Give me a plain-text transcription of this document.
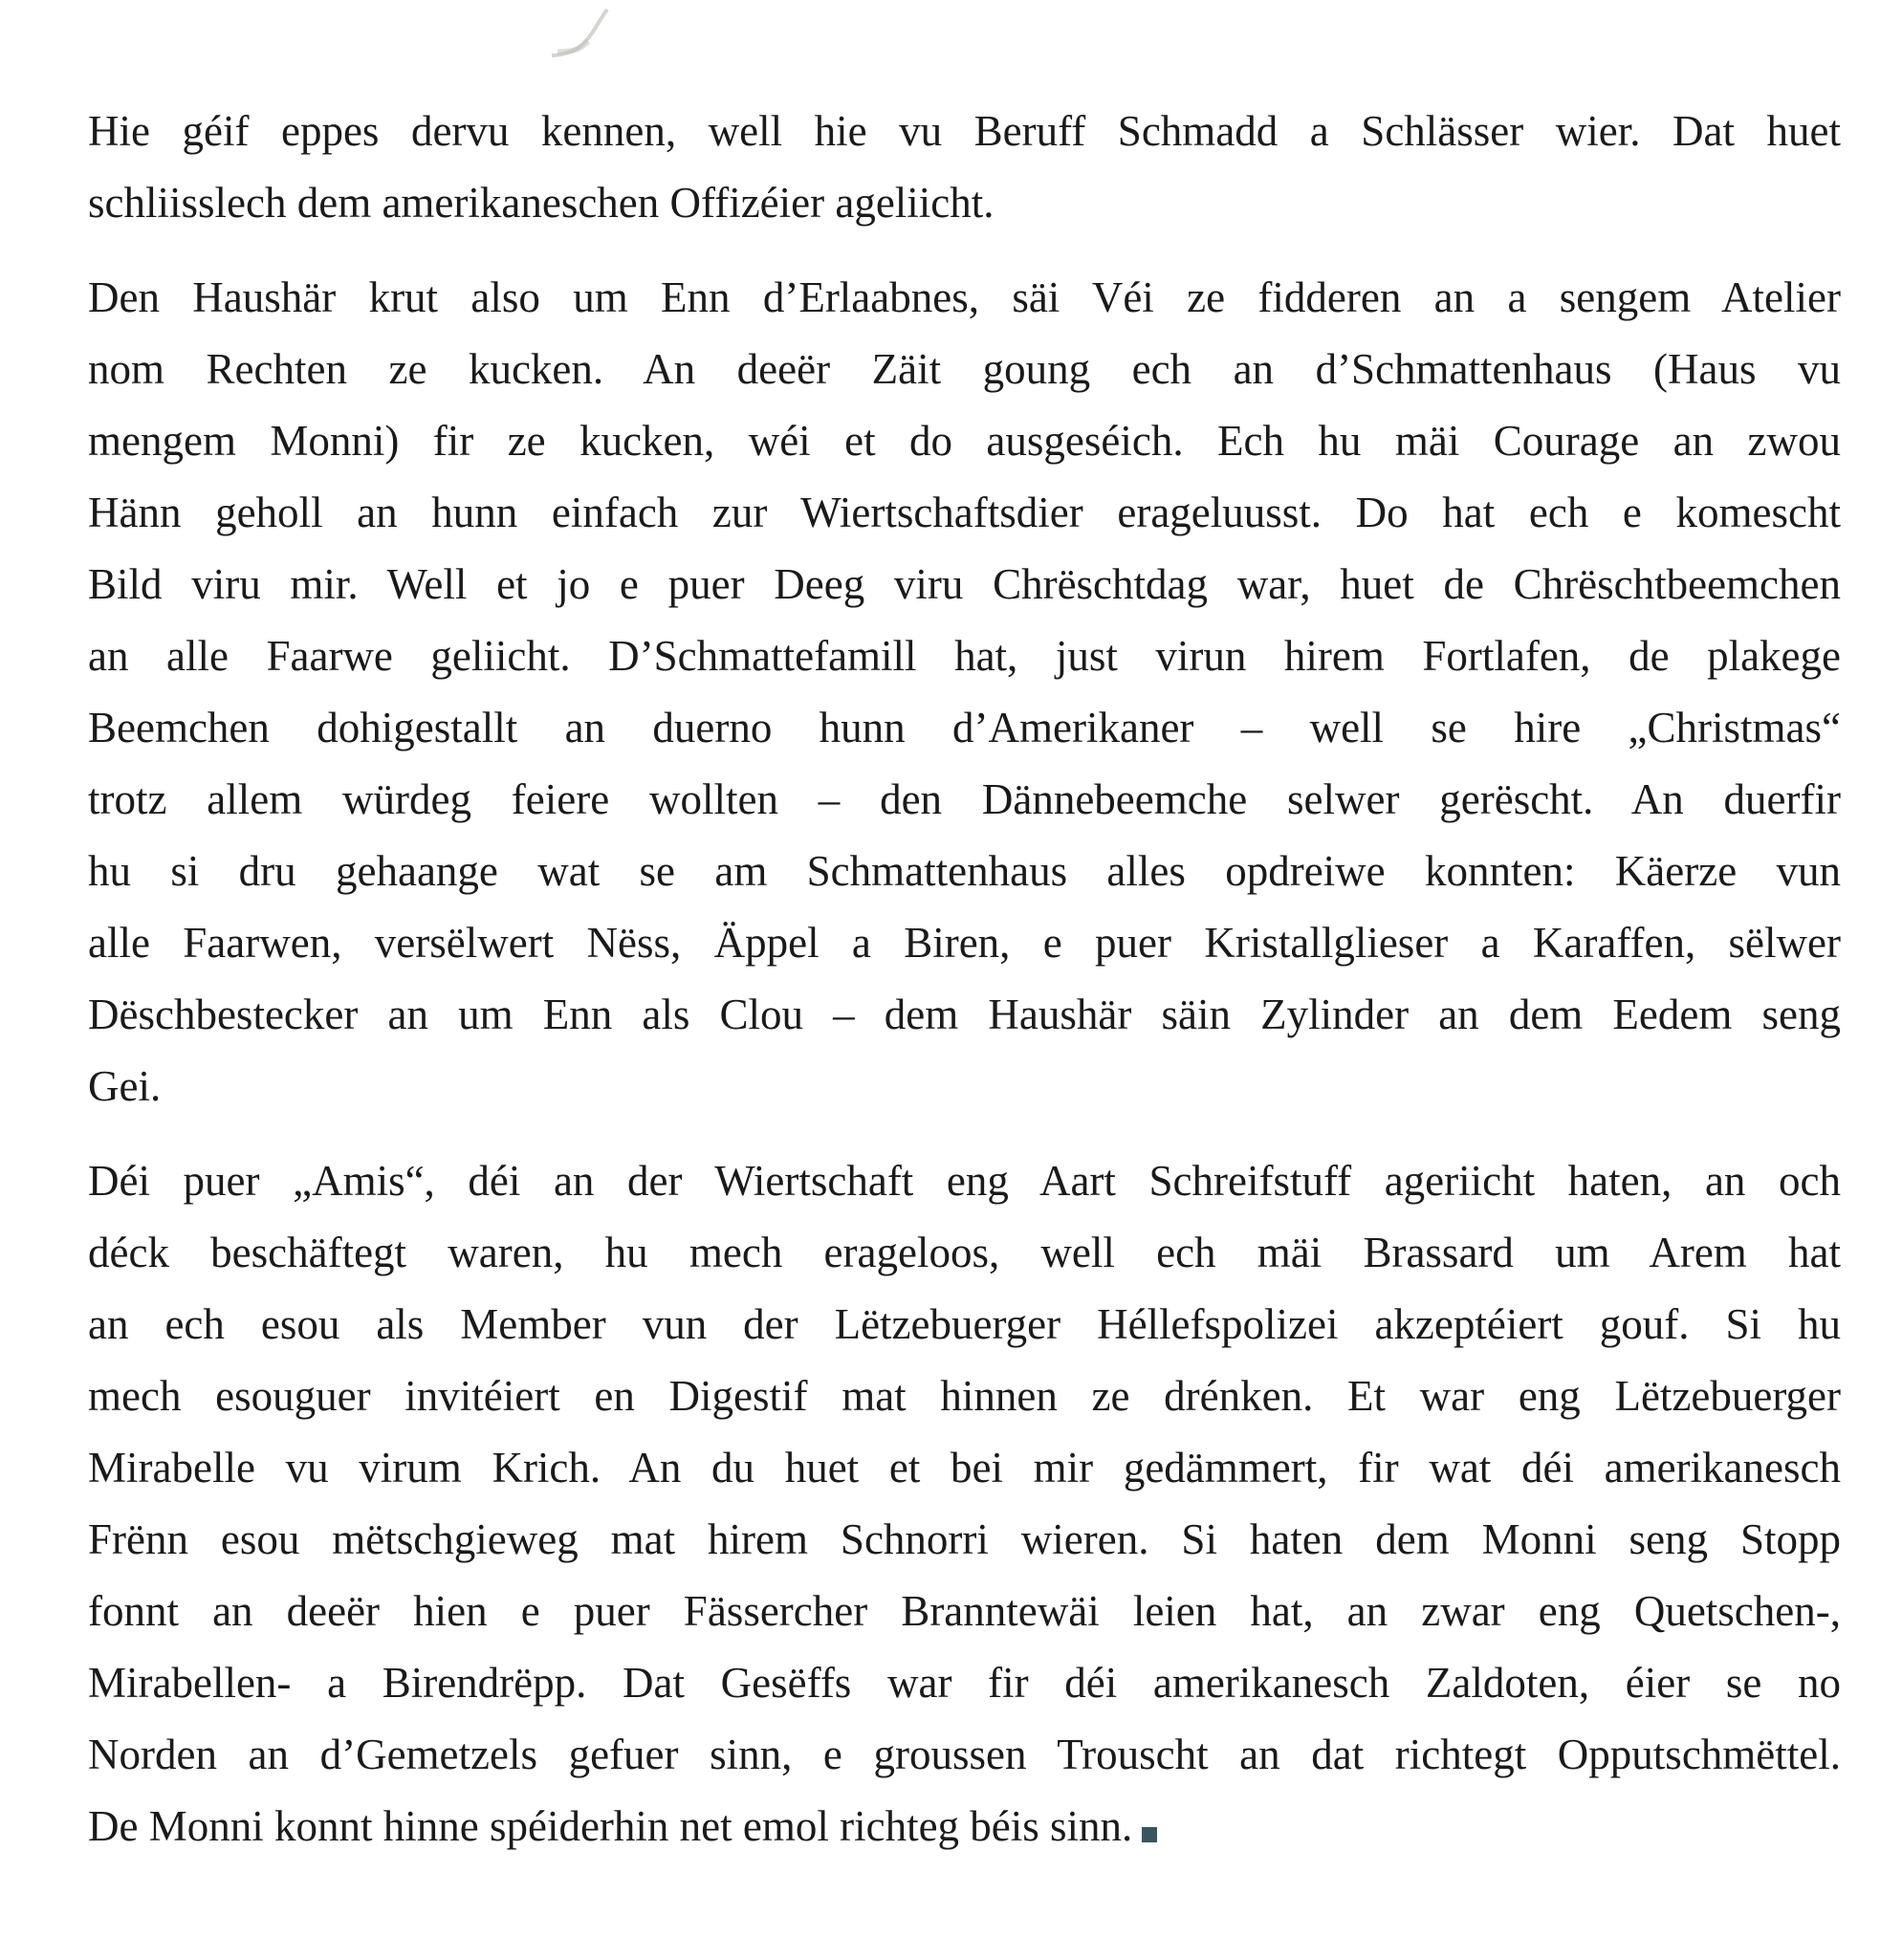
Hie géif eppes dervu kennen, well hie vu Beruff Schmadd a Schlässer wier. Dat huet
schliisslech dem amerikaneschen Offizéier ageliicht.
Den Haushär krut also um Enn d’Erlaabnes, säi Véi ze fidderen an a sengem Atelier
nom Rechten ze kucken. An deeër Zäit goung ech an d’Schmattenhaus (Haus vu
mengem Monni) fir ze kucken, wéi et do ausgeséich. Ech hu mäi Courage an zwou
Hänn geholl an hunn einfach zur Wiertschaftsdier erageluusst. Do hat ech e komescht
Bild viru mir. Well et jo e puer Deeg viru Chrëschtdag war, huet de Chrëschtbeemchen
an alle Faarwe geliicht. D’Schmattefamill hat, just virun hirem Fortlafen, de plakege
Beemchen dohigestallt an duerno hunn d’Amerikaner – well se hire „Christmas“
trotz allem würdeg feiere wollten – den Dännebeemche selwer gerëscht. An duerfir
hu si dru gehaange wat se am Schmattenhaus alles opdreiwe konnten: Käerze vun
alle Faarwen, versëlwert Nëss, Äppel a Biren, e puer Kristallglieser a Karaffen, sëlwer
Dëschbestecker an um Enn als Clou – dem Haushär säin Zylinder an dem Eedem seng
Gei.
Déi puer „Amis“, déi an der Wiertschaft eng Aart Schreifstuff ageriicht haten, an och
déck beschäftegt waren, hu mech erageloos, well ech mäi Brassard um Arem hat
an ech esou als Member vun der Lëtzebuerger Héllefspolizei akzeptéiert gouf. Si hu
mech esouguer invitéiert en Digestif mat hinnen ze drénken. Et war eng Lëtzebuerger
Mirabelle vu virum Krich. An du huet et bei mir gedämmert, fir wat déi amerikanesch
Frënn esou mëtschgieweg mat hirem Schnorri wieren. Si haten dem Monni seng Stopp
fonnt an deeër hien e puer Fässercher Branntewäi leien hat, an zwar eng Quetschen-,
Mirabellen- a Birendrëpp. Dat Gesëffs war fir déi amerikanesch Zaldoten, éier se no
Norden an d’Gemetzels gefuer sinn, e groussen Trouscht an dat richtegt Opputschmëttel.
De Monni konnt hinne spéiderhin net emol richteg béis sinn.
